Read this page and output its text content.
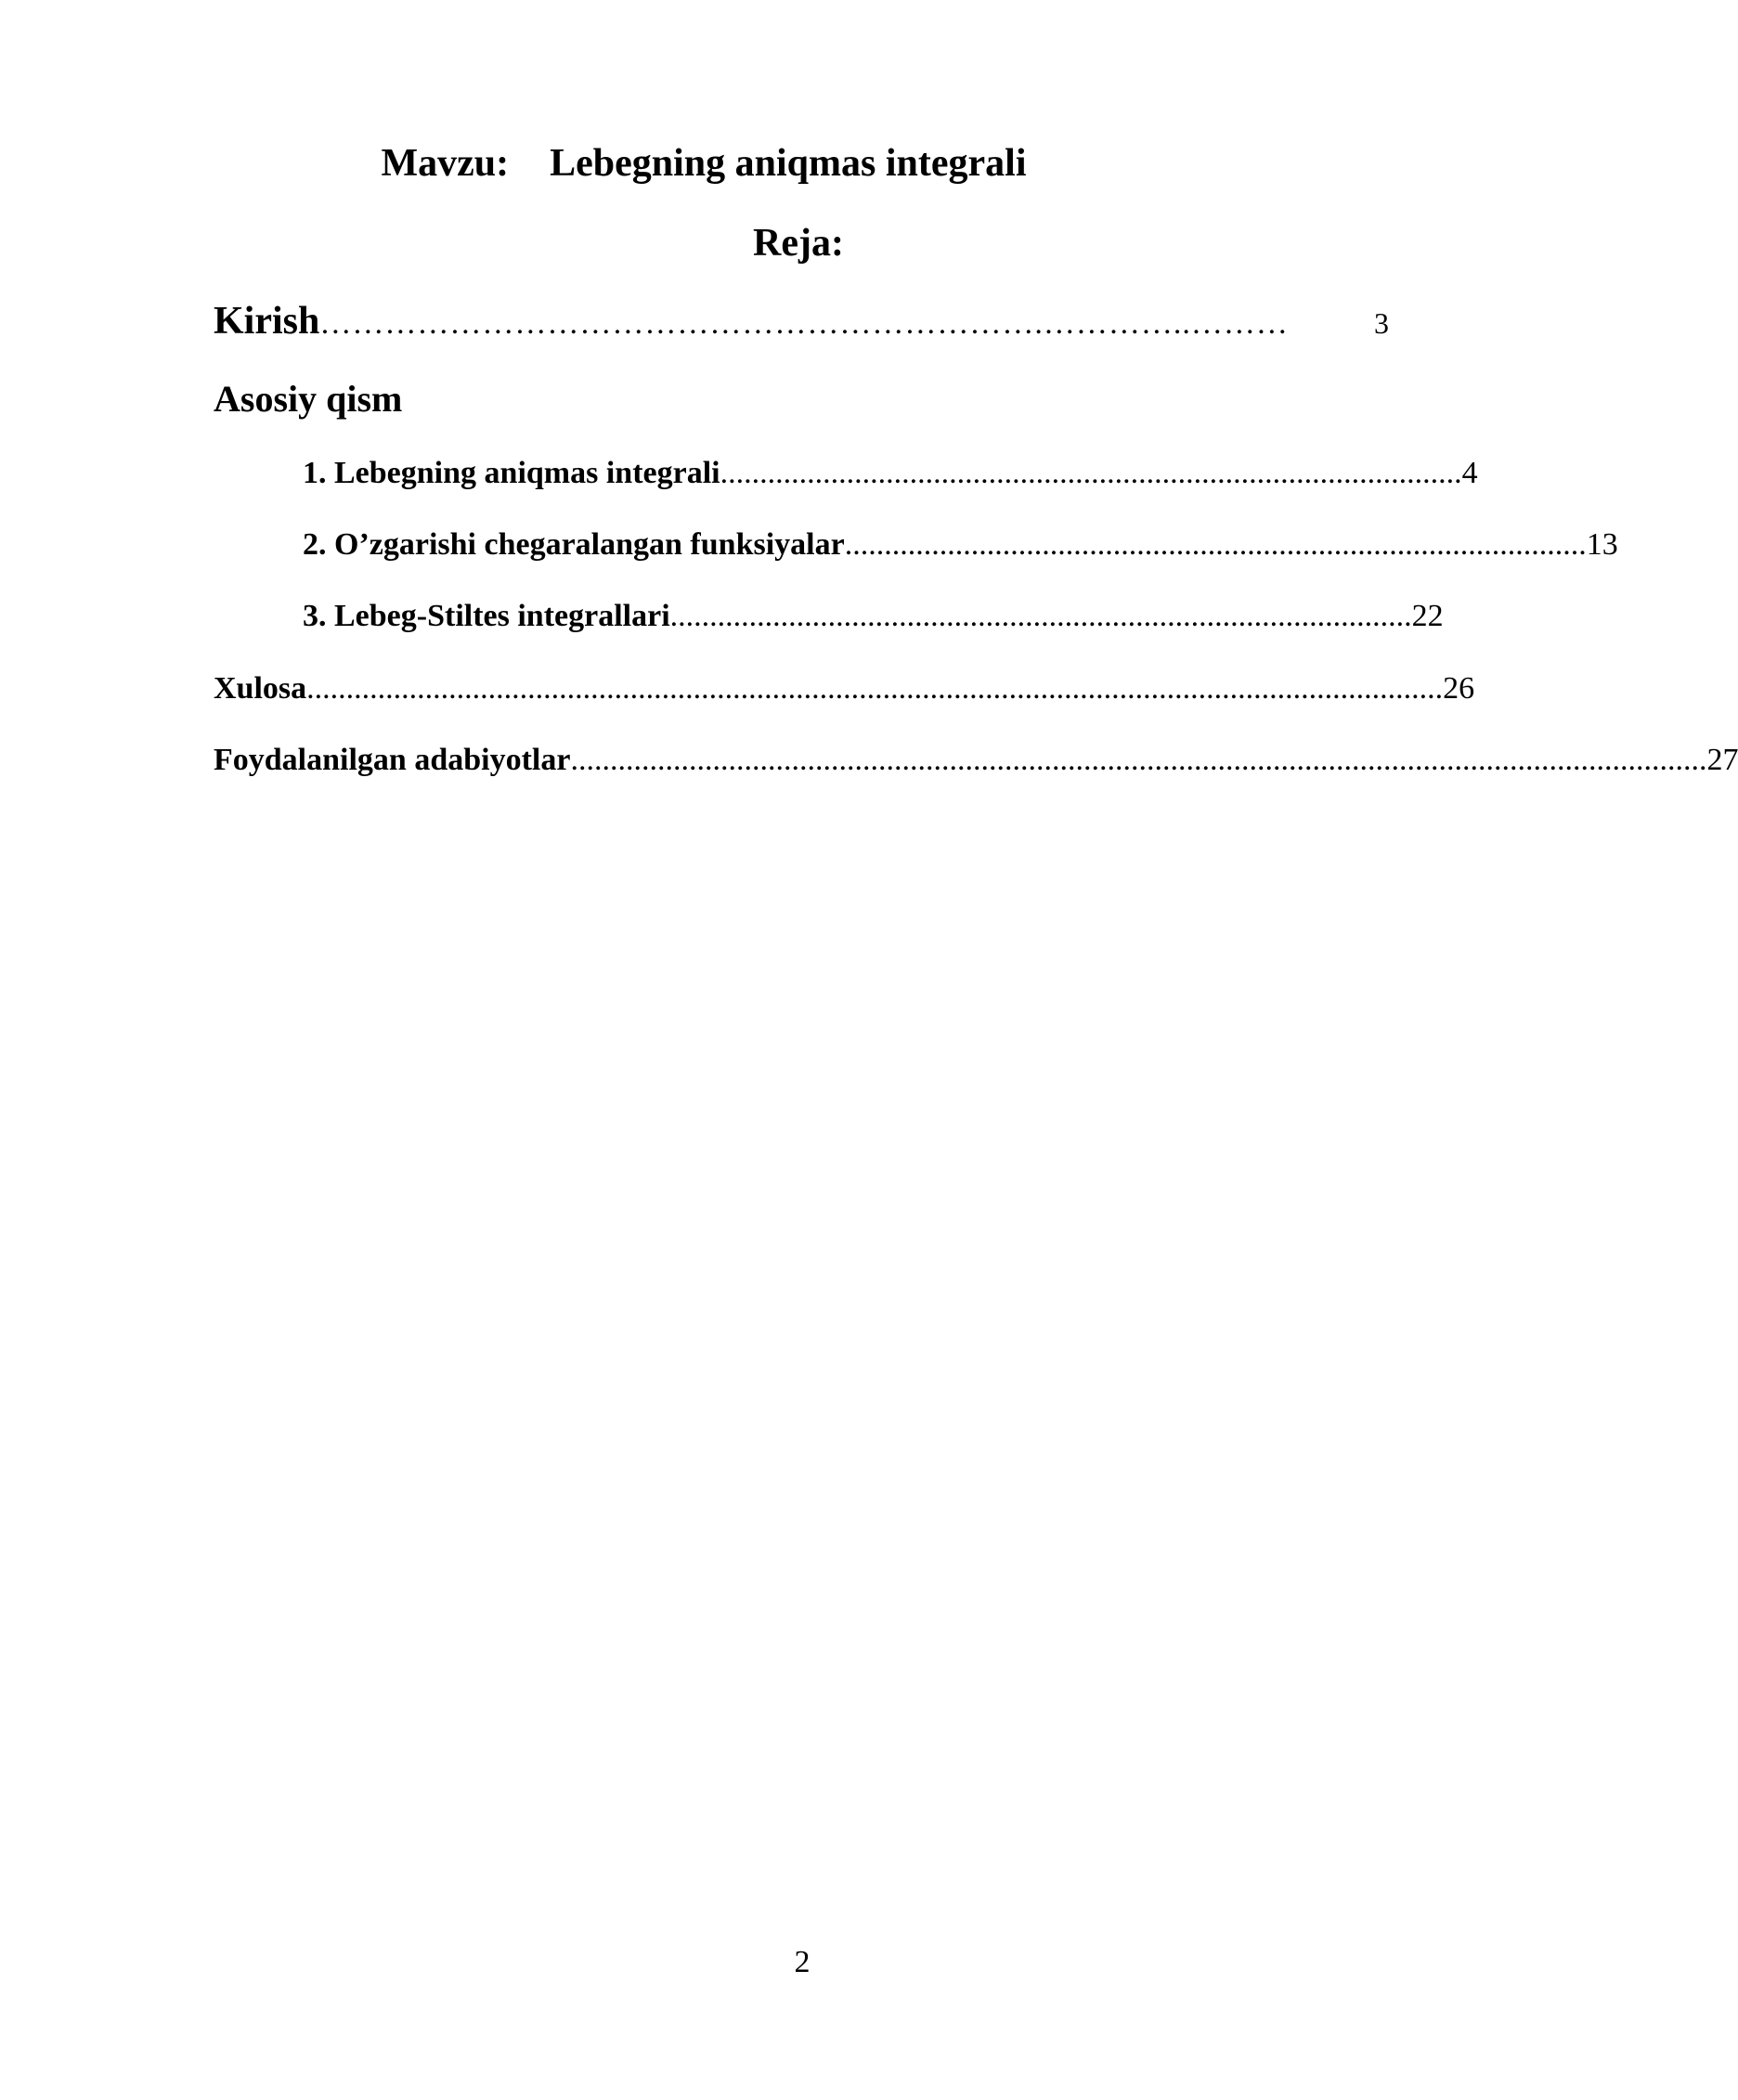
Mavzu: Lebegning aniqmas integrali
Reja:
Kirish ………………………………………………………….…………..………	3
Asosiy qism
1. Lebegning aniqmas integrali .............................................................................................. 4
2. O’zgarishi chegaralangan funksiyalar .............................................................................................. 13
3. Lebeg-Stiltes integrallari .............................................................................................. 22
Xulosa ................................................................................................................................................ 26
Foydalanilgan adabiyotlar ................................................................................................................................................ 27
2
